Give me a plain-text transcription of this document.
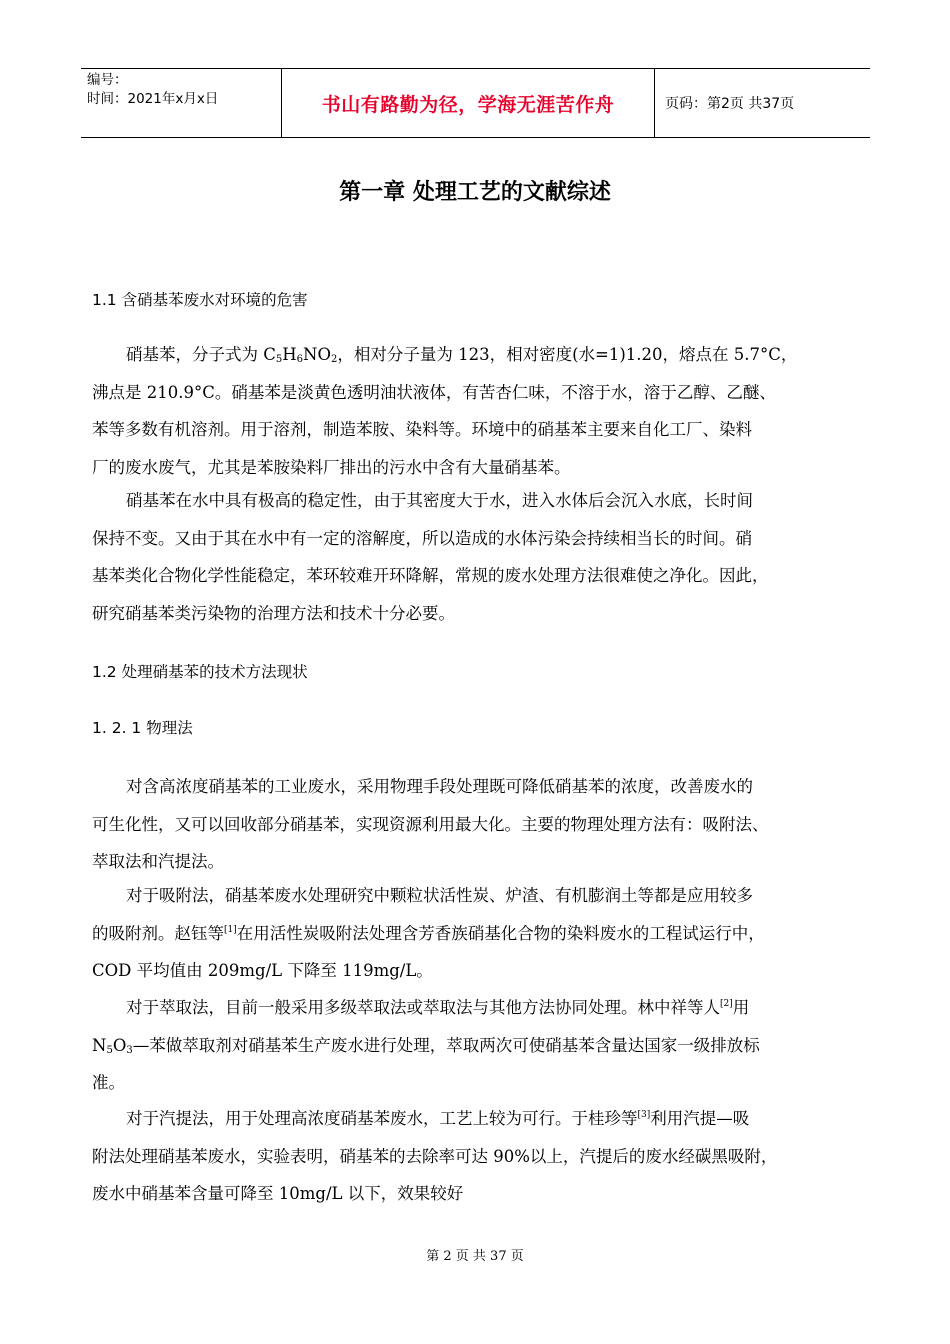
编号：
时间：2021年x月x日	书山有路勤为径，学海无涯苦作舟	页码：第2页 共37页
第一章 处理工艺的文献综述
1.1 含硝基苯废水对环境的危害
硝基苯，分子式为 $C_5H_6NO_2$，相对分子量为 123，相对密度(水=1)1.20，熔点在 5.7°C，
沸点是 210.9°C。硝基苯是淡黄色透明油状液体，有苦杏仁味，不溶于水，溶于乙醇、乙醚、
苯等多数有机溶剂。用于溶剂，制造苯胺、染料等。环境中的硝基苯主要来自化工厂、染料
厂的废水废气，尤其是苯胺染料厂排出的污水中含有大量硝基苯。
硝基苯在水中具有极高的稳定性，由于其密度大于水，进入水体后会沉入水底，长时间
保持不变。又由于其在水中有一定的溶解度，所以造成的水体污染会持续相当长的时间。硝
基苯类化合物化学性能稳定，苯环较难开环降解，常规的废水处理方法很难使之净化。因此，
研究硝基苯类污染物的治理方法和技术十分必要。
1.2 处理硝基苯的技术方法现状
1. 2. 1 物理法
对含高浓度硝基苯的工业废水，采用物理手段处理既可降低硝基苯的浓度，改善废水的
可生化性，又可以回收部分硝基苯，实现资源利用最大化。主要的物理处理方法有：吸附法、
萃取法和汽提法。
对于吸附法，硝基苯废水处理研究中颗粒状活性炭、炉渣、有机膨润土等都是应用较多
的吸附剂。赵钰等[1]在用活性炭吸附法处理含芳香族硝基化合物的染料废水的工程试运行中，
COD 平均值由 209mg/L 下降至 119mg/L。
对于萃取法，目前一般采用多级萃取法或萃取法与其他方法协同处理。林中祥等人[2]用
$N_5O_3—$苯做萃取剂对硝基苯生产废水进行处理，萃取两次可使硝基苯含量达国家一级排放标
准。
对于汽提法，用于处理高浓度硝基苯废水，工艺上较为可行。于桂珍等[3]利用汽提—吸
附法处理硝基苯废水，实验表明，硝基苯的去除率可达 90%以上，汽提后的废水经碳黑吸附，
废水中硝基苯含量可降至 10mg/L 以下，效果较好
第 2 页 共 37 页
